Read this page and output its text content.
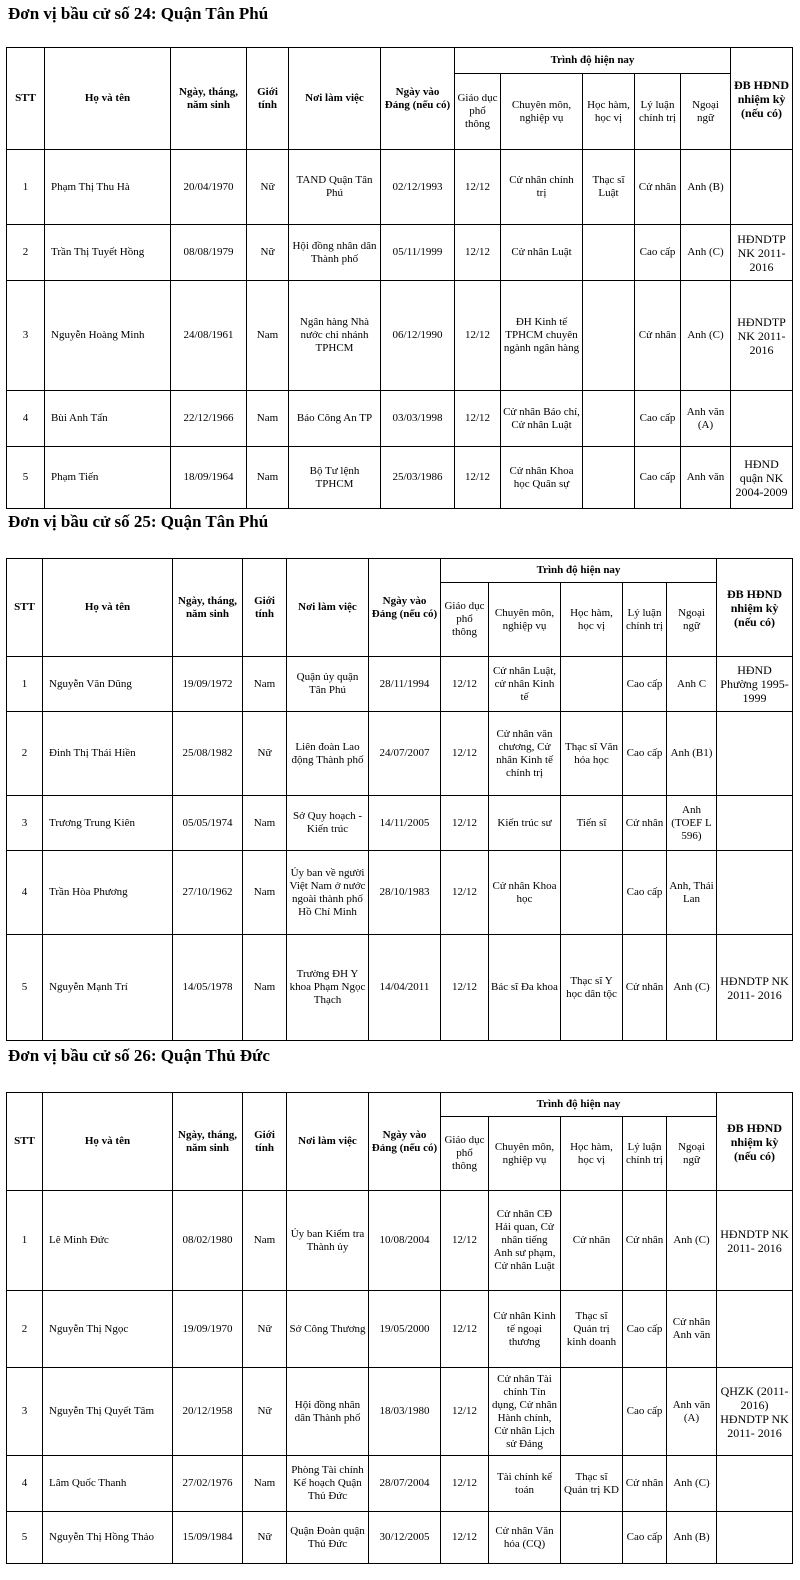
Đơn vị bầu cử số 24: Quận Tân Phú
STT	Họ và tên	Ngày, tháng, năm sinh	Giới tính	Nơi làm việc	Ngày vào Đảng (nếu có)	Trình độ hiện nay					ĐB HĐND nhiệm kỳ (nếu có)
						Giáo dục phổ thông	Chuyên môn, nghiệp vụ	Học hàm, học vị	Lý luận chính trị	Ngoại ngữ	
1	Phạm Thị Thu Hà	20/04/1970	Nữ	TAND Quận Tân Phú	02/12/1993	12/12	Cử nhân chính trị	Thạc sĩ Luật	Cử nhân	Anh (B)	
2	Trần Thị Tuyết Hồng	08/08/1979	Nữ	Hội đồng nhân dân Thành phố	05/11/1999	12/12	Cử nhân Luật		Cao cấp	Anh (C)	HĐNDTP NK 2011- 2016
3	Nguyễn Hoàng Minh	24/08/1961	Nam	Ngân hàng Nhà nước chi nhánh TPHCM	06/12/1990	12/12	ĐH Kinh tế TPHCM chuyên ngành ngân hàng		Cử nhân	Anh (C)	HĐNDTP NK 2011- 2016
4	Bùi Anh Tấn	22/12/1966	Nam	Báo Công An TP	03/03/1998	12/12	Cử nhân Báo chí, Cử nhân Luật		Cao cấp	Anh văn (A)	
5	Phạm Tiến	18/09/1964	Nam	Bộ Tư lệnh TPHCM	25/03/1986	12/12	Cử nhân Khoa học Quân sự		Cao cấp	Anh văn	HĐND quận NK 2004-2009
Đơn vị bầu cử số 25: Quận Tân Phú
STT	Họ và tên	Ngày, tháng, năm sinh	Giới tính	Nơi làm việc	Ngày vào Đảng (nếu có)	Trình độ hiện nay					ĐB HĐND nhiệm kỳ (nếu có)
						Giáo dục phổ thông	Chuyên môn, nghiệp vụ	Học hàm, học vị	Lý luận chính trị	Ngoại ngữ	
1	Nguyễn Văn Dũng	19/09/1972	Nam	Quận ủy quận Tân Phú	28/11/1994	12/12	Cử nhân Luật, cử nhân Kinh tế		Cao cấp	Anh C	HĐND Phường 1995-1999
2	Đinh Thị Thái Hiền	25/08/1982	Nữ	Liên đoàn Lao động Thành phố	24/07/2007	12/12	Cử nhân văn chương, Cử nhân Kinh tế chính trị	Thạc sĩ Văn hóa học	Cao cấp	Anh (B1)	
3	Trương Trung Kiên	05/05/1974	Nam	Sở Quy hoạch - Kiến trúc	14/11/2005	12/12	Kiến trúc sư	Tiến sĩ	Cử nhân	Anh (TOEF L 596)	
4	Trần Hòa Phương	27/10/1962	Nam	Ủy ban về người Việt Nam ở nước ngoài thành phố Hồ Chí Minh	28/10/1983	12/12	Cử nhân Khoa học		Cao cấp	Anh, Thái Lan	
5	Nguyễn Mạnh Trí	14/05/1978	Nam	Trường ĐH Y khoa Phạm Ngọc Thạch	14/04/2011	12/12	Bác sĩ Đa khoa	Thạc sĩ Y học dân tộc	Cử nhân	Anh (C)	HĐNDTP NK 2011- 2016
Đơn vị bầu cử số 26: Quận Thủ Đức
STT	Họ và tên	Ngày, tháng, năm sinh	Giới tính	Nơi làm việc	Ngày vào Đảng (nếu có)	Trình độ hiện nay					ĐB HĐND nhiệm kỳ (nếu có)
						Giáo dục phổ thông	Chuyên môn, nghiệp vụ	Học hàm, học vị	Lý luận chính trị	Ngoại ngữ	
1	Lê Minh Đức	08/02/1980	Nam	Ủy ban Kiểm tra Thành ủy	10/08/2004	12/12	Cử nhân CĐ Hải quan, Cử nhân tiếng Anh sư phạm, Cử nhân Luật	Cử nhân	Cử nhân	Anh (C)	HĐNDTP NK 2011- 2016
2	Nguyễn Thị Ngọc	19/09/1970	Nữ	Sở Công Thương	19/05/2000	12/12	Cử nhân Kinh tế ngoại thương	Thạc sĩ Quản trị kinh doanh	Cao cấp	Cử nhân Anh văn	
3	Nguyễn Thị Quyết Tâm	20/12/1958	Nữ	Hội đồng nhân dân Thành phố	18/03/1980	12/12	Cử nhân Tài chính Tín dụng, Cử nhân Hành chính, Cử nhân Lịch sử Đảng		Cao cấp	Anh văn (A)	QHZK (2011- 2016) HĐNDTP NK 2011- 2016
4	Lâm Quốc Thanh	27/02/1976	Nam	Phòng Tài chính Kế hoạch Quận Thủ Đức	28/07/2004	12/12	Tài chính kế toán	Thạc sĩ Quản trị KD	Cử nhân	Anh (C)	
5	Nguyễn Thị Hồng Thảo	15/09/1984	Nữ	Quận Đoàn quận Thủ Đức	30/12/2005	12/12	Cử nhân Văn hóa (CQ)		Cao cấp	Anh (B)	
